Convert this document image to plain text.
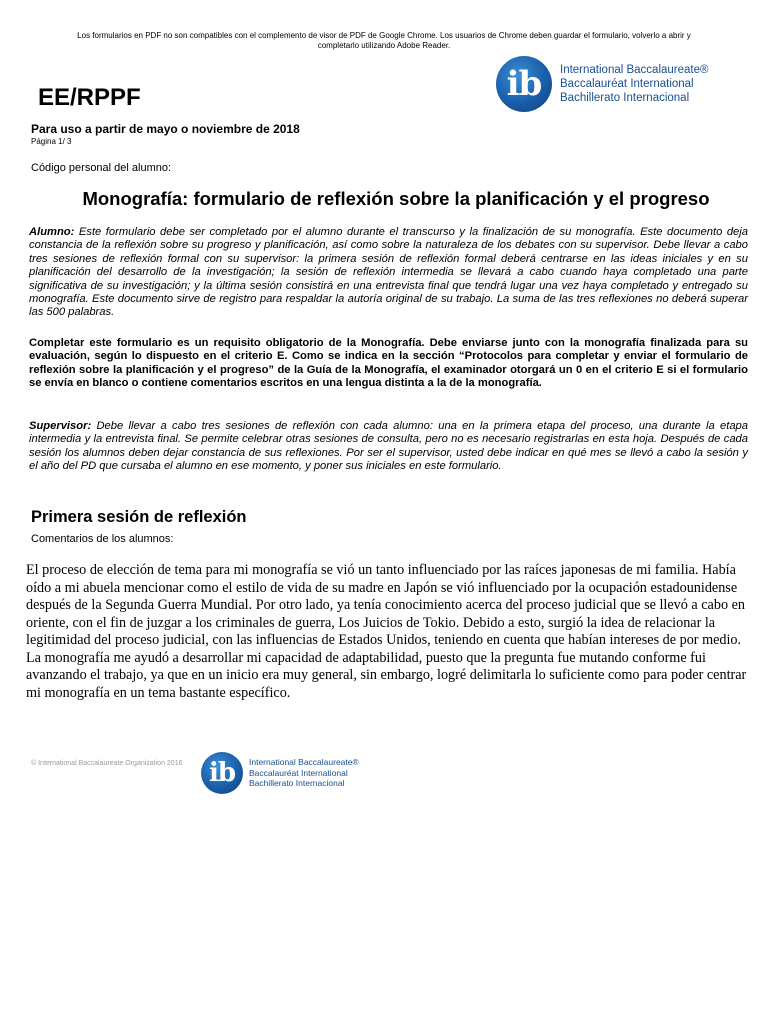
Los formularios en PDF no son compatibles con el complemento de visor de PDF de Google Chrome. Los usuarios de Chrome deben guardar el formulario, volverlo a abrir y completarlo utilizando Adobe Reader.
ib International Baccalaureate®
Baccalauréat International
Bachillerato Internacional
EE/RPPF
Para uso a partir de mayo o noviembre de 2018
Página 1/ 3
Código personal del alumno:
Monografía: formulario de reflexión sobre la planificación y el progreso
Alumno: Este formulario debe ser completado por el alumno durante el transcurso y la finalización de su monografía. Este documento deja constancia de la reflexión sobre su progreso y planificación, así como sobre la naturaleza de los debates con su supervisor. Debe llevar a cabo tres sesiones de reflexión formal con su supervisor: la primera sesión de reflexión formal deberá centrarse en las ideas iniciales y en su planificación del desarrollo de la investigación; la sesión de reflexión intermedia se llevará a cabo cuando haya completado una parte significativa de su investigación; y la última sesión consistirá en una entrevista final que tendrá lugar una vez haya completado y entregado su monografía. Este documento sirve de registro para respaldar la autoría original de su trabajo. La suma de las tres reflexiones no deberá superar las 500 palabras.
Completar este formulario es un requisito obligatorio de la Monografía. Debe enviarse junto con la monografía finalizada para su evaluación, según lo dispuesto en el criterio E. Como se indica en la sección “Protocolos para completar y enviar el formulario de reflexión sobre la planificación y el progreso” de la Guía de la Monografía, el examinador otorgará un 0 en el criterio E si el formulario se envía en blanco o contiene comentarios escritos en una lengua distinta a la de la monografía.
Supervisor: Debe llevar a cabo tres sesiones de reflexión con cada alumno: una en la primera etapa del proceso, una durante la etapa intermedia y la entrevista final. Se permite celebrar otras sesiones de consulta, pero no es necesario registrarlas en esta hoja. Después de cada sesión los alumnos deben dejar constancia de sus reflexiones. Por ser el supervisor, usted debe indicar en qué mes se llevó a cabo la sesión y el año del PD que cursaba el alumno en ese momento, y poner sus iniciales en este formulario.
Primera sesión de reflexión
Comentarios de los alumnos:
El proceso de elección de tema para mi monografía se vió un tanto influenciado por las raíces japonesas de mi familia. Había oído a mi abuela mencionar como el estilo de vida de su madre en Japón se vió influenciado por la ocupación estadounidense después de la Segunda Guerra Mundial. Por otro lado, ya tenía conocimiento acerca del proceso judicial que se llevó a cabo en oriente, con el fin de juzgar a los criminales de guerra, Los Juicios de Tokio. Debido a esto, surgió la idea de relacionar la legitimidad del proceso judicial, con las influencias de Estados Unidos, teniendo en cuenta que habían intereses de por medio. La monografía me ayudó a desarrollar mi capacidad de adaptabilidad, puesto que la pregunta fue mutando conforme fui avanzando el trabajo, ya que en un inicio era muy general, sin embargo, logré delimitarla lo suficiente como para poder centrar mi monografía en un tema bastante específico.
© International Baccalaureate Organization 2016 ib International Baccalaureate®
Baccalauréat International
Bachillerato Internacional
